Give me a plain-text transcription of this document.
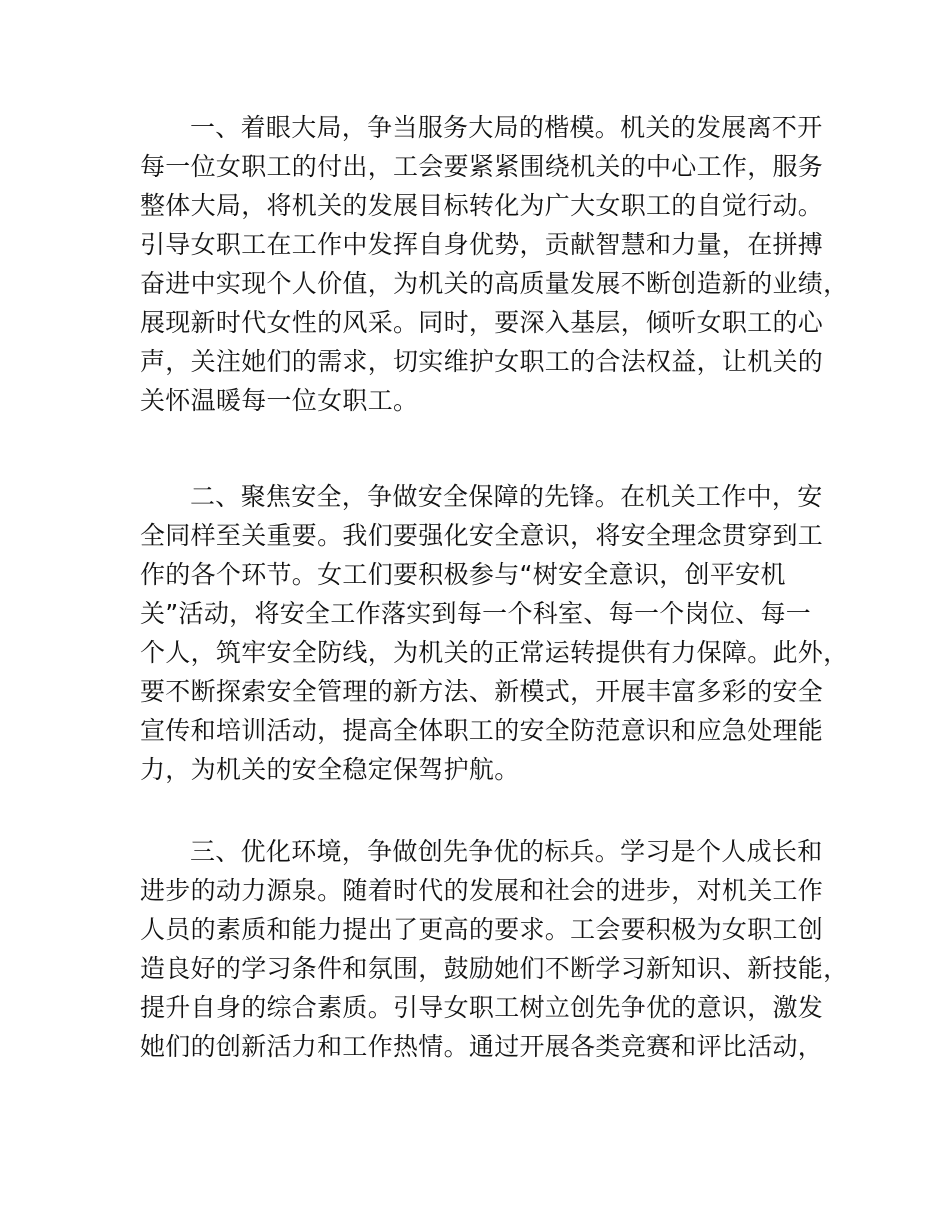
一、着眼大局，争当服务大局的楷模。机关的发展离不开
每一位女职工的付出，工会要紧紧围绕机关的中心工作，服务
整体大局，将机关的发展目标转化为广大女职工的自觉行动。
引导女职工在工作中发挥自身优势，贡献智慧和力量，在拼搏
奋进中实现个人价值，为机关的高质量发展不断创造新的业绩，
展现新时代女性的风采。同时，要深入基层，倾听女职工的心
声，关注她们的需求，切实维护女职工的合法权益，让机关的
关怀温暖每一位女职工。
二、聚焦安全，争做安全保障的先锋。在机关工作中，安
全同样至关重要。我们要强化安全意识，将安全理念贯穿到工
作的各个环节。女工们要积极参与“树安全意识，创平安机
关”活动，将安全工作落实到每一个科室、每一个岗位、每一
个人，筑牢安全防线，为机关的正常运转提供有力保障。此外，
要不断探索安全管理的新方法、新模式，开展丰富多彩的安全
宣传和培训活动，提高全体职工的安全防范意识和应急处理能
力，为机关的安全稳定保驾护航。
三、优化环境，争做创先争优的标兵。学习是个人成长和
进步的动力源泉。随着时代的发展和社会的进步，对机关工作
人员的素质和能力提出了更高的要求。工会要积极为女职工创
造良好的学习条件和氛围，鼓励她们不断学习新知识、新技能，
提升自身的综合素质。引导女职工树立创先争优的意识，激发
她们的创新活力和工作热情。通过开展各类竞赛和评比活动，
